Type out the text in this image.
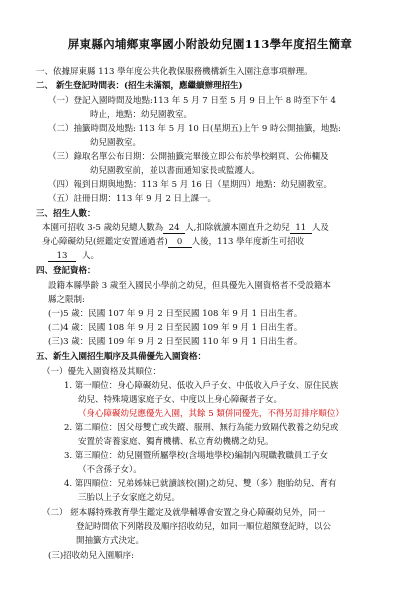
屏東縣內埔鄉東寧國小附設幼兒園113學年度招生簡章
一、依據屏東縣 113 學年度公共化教保服務機構新生入園注意事項辦理。
二、 新生登記時間表：(招生未滿額，應繼續辦理招生)
（一）登記入園時間及地點:113 年 5 月 7 日至 5 月 9 日上午 8 時至下午 4
時止，地點：幼兒園教室。
（二）抽籤時間及地點: 113 年 5 月 10 日(星期五)上午 9 時公開抽籤，地點:
幼兒園教室。
（三）錄取名單公布日期：公開抽籤完畢後立即公布於學校網頁、公佈欄及
幼兒園教室前，並以書面通知家長或監護人。
（四）報到日期與地點：113 年 5 月 16 日（星期四）地點：幼兒園教室。
（五）註冊日期：113 年 9 月 2 日上課一。
三、招生人數：
本園可招收 3-5 歲幼兒總人數為 24 人,扣除就讀本園直升之幼兒 11 人及
身心障礙幼兒(經鑑定安置通過者) 0 人後，113 學年度新生可招收
13 人。
四、登記資格：
設籍本縣學齡 3 歲至入國民小學前之幼兒，但具優先入園資格者不受設籍本
縣之限制:
(一)5 歲：民國 107 年 9 月 2 日至民國 108 年 9 月 1 日出生者。
(二)4 歲：民國 108 年 9 月 2 日至民國 109 年 9 月 1 日出生者。
(三)3 歲：民國 109 年 9 月 2 日至民國 110 年 9 月 1 日出生者。
五、新生入園招生順序及具備優先入園資格：
（一）優先入園資格及其順位：
1. 第一順位：身心障礙幼兒、低收入戶子女、中低收入戶子女、原住民族
幼兒、特殊境遇家庭子女、中度以上身心障礙者子女。
（身心障礙幼兒應優先入園，其餘 5 類併同優先，不得另訂排序順位）
2. 第二順位：因父母雙亡或失蹤、服刑、無行為能力致隔代教養之幼兒或
安置於寄養家庭、獨育機構、私立育幼機構之幼兒。
3. 第三順位：幼兒園暨所屬學校(含場地學校)編制內現職教職員工子女
（不含孫子女）。
4. 第四順位：兄弟姊妹已就讀該校(園)之幼兒、雙（多）胞胎幼兒、育有
三胎以上子女家庭之幼兒。
（二） 經本縣特殊教育學生鑑定及就學輔導會安置之身心障礙幼兒外，同一
登記時間依下列階段及順序招收幼兒，如同一順位超額登記時，以公
開抽籤方式決定。
(三)招收幼兒入園順序:
